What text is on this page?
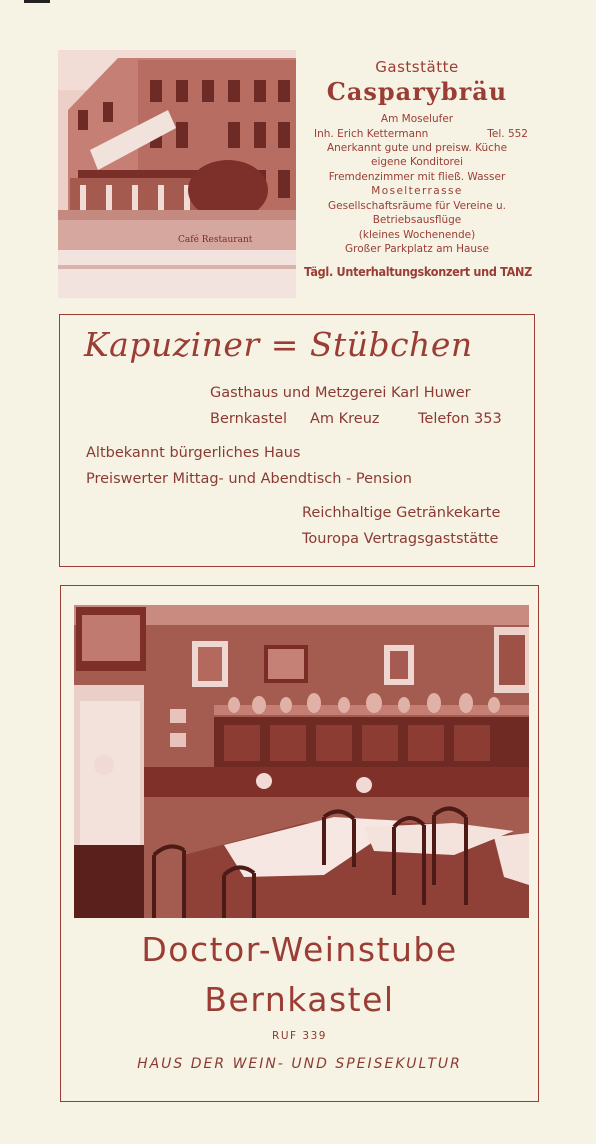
Café Restaurant
Gaststätte
Casparybräu
Am Moselufer
Inh. Erich Kettermann	Tel. 552
Anerkannt gute und preisw. Küche
eigene Konditorei
Fremdenzimmer mit fließ. Wasser
Moselterrasse
Gesellschaftsräume für Vereine u.
Betriebsausflüge
(kleines Wochenende)
Großer Parkplatz am Hause
Tägl. Unterhaltungskonzert und TANZ
Kapuziner = Stübchen
Gasthaus und Metzgerei Karl Huwer
Bernkastel Am Kreuz	Telefon 353
Altbekannt bürgerliches Haus
Preiswerter Mittag- und Abendtisch - Pension
Reichhaltige Getränkekarte
Touropa Vertragsgaststätte
Doctor-Weinstube
Bernkastel
RUF 339
HAUS DER WEIN- UND SPEISEKULTUR
